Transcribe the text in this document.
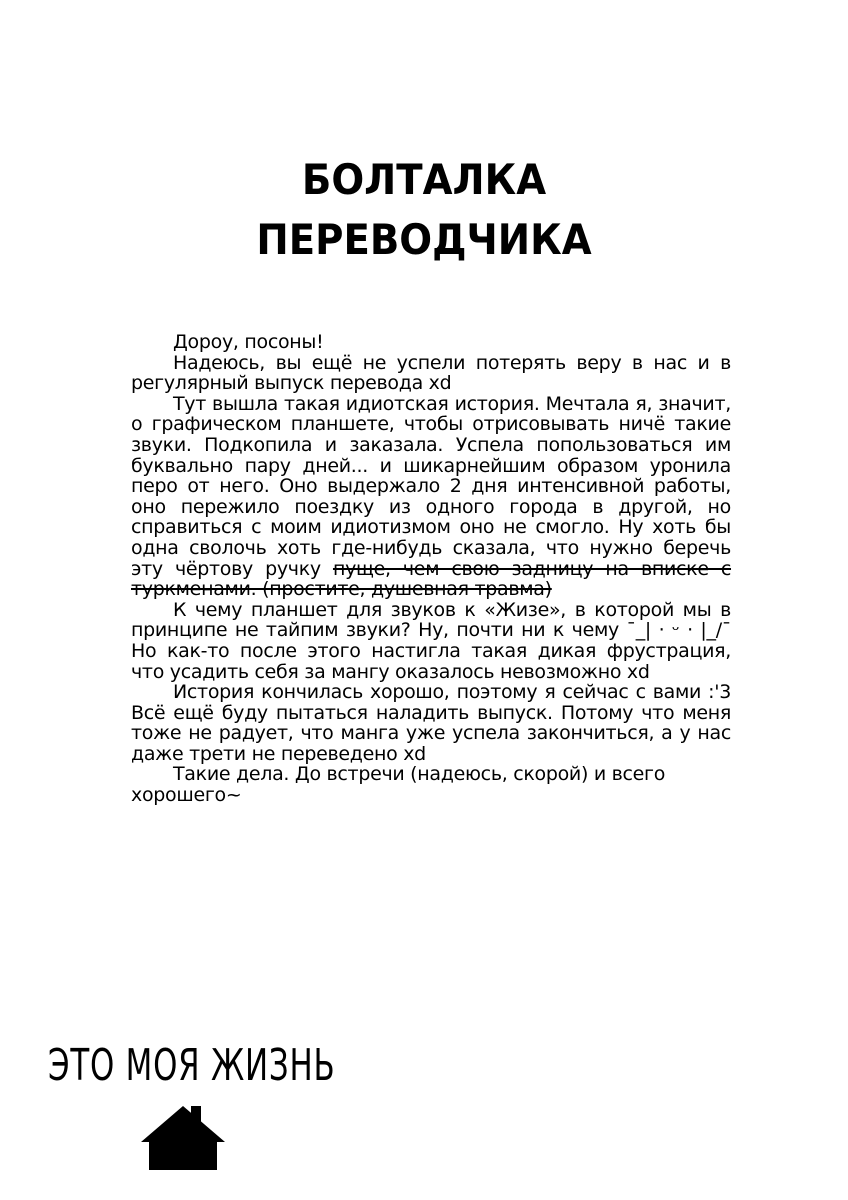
БОЛТАЛКА
ПЕРЕВОДЧИКА

Дороу, посоны!

Надеюсь, вы ещё не успели потерять веру в нас и в регулярный выпуск перевода xd

Тут вышла такая идиотская история. Мечтала я, значит, о графическом планшете, чтобы отрисовывать ничё такие звуки. Подкопила и заказала. Успела попользоваться им буквально пару дней... и шикарнейшим образом уронила перо от него. Оно выдержало 2 дня интенсивной работы, оно пережило поездку из одного города в другой, но справиться с моим идиотизмом оно не смогло. Ну хоть бы одна сволочь хоть где-нибудь сказала, что нужно беречь эту чёртову ручку пуще, чем свою задницу на вписке с туркменами. (простите, душевная травма)

К чему планшет для звуков к «Жизе», в которой мы в принципе не тайпим звуки? Ну, почти ни к чему ¯_| · ᵕ · |_/¯ Но как-то после этого настигла такая дикая фрустрация, что усадить себя за мангу оказалось невозможно xd

История кончилась хорошо, поэтому я сейчас с вами :'3 Всё ещё буду пытаться наладить выпуск. Потому что меня тоже не радует, что манга уже успела закончиться, а у нас даже трети не переведено xd

Такие дела. До встречи (надеюсь, скорой) и всего хорошего~

ЭТО МОЯ ЖИЗНЬ
